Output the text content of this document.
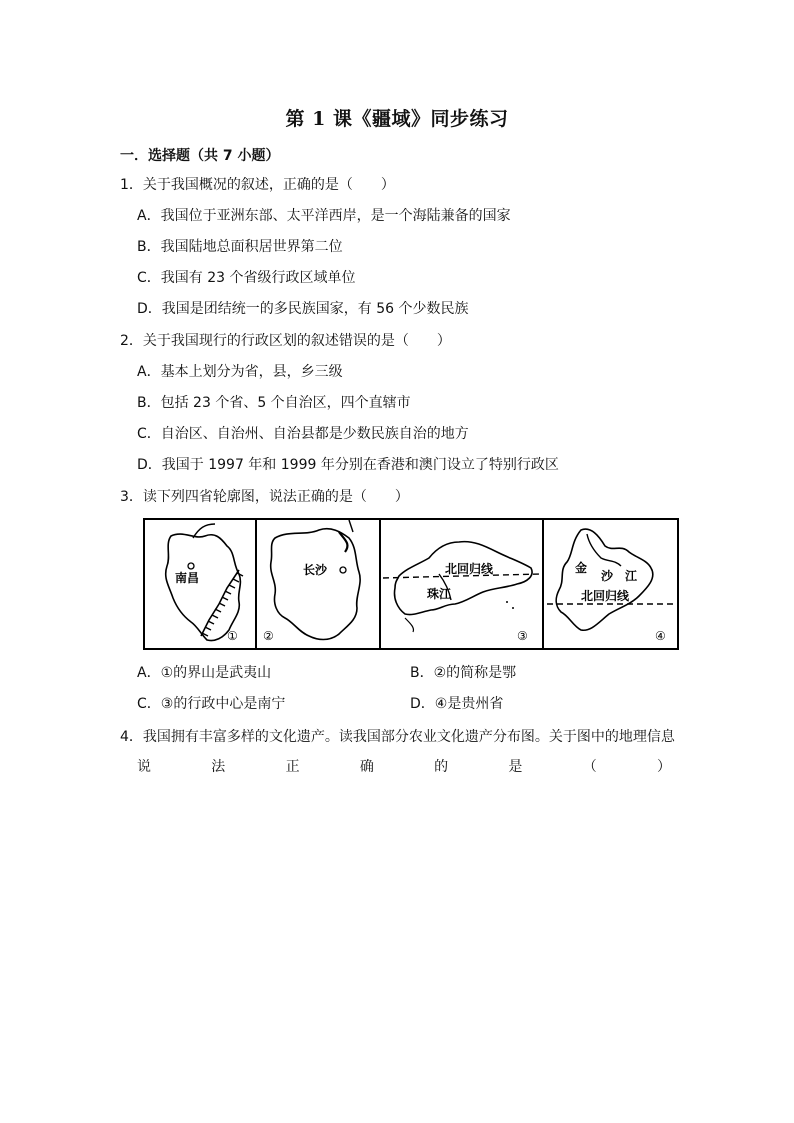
第 1 课《疆域》同步练习
一．选择题（共 7 小题）
1．关于我国概况的叙述，正确的是（　　）
A．我国位于亚洲东部、太平洋西岸，是一个海陆兼备的国家
B．我国陆地总面积居世界第二位
C．我国有 23 个省级行政区域单位
D．我国是团结统一的多民族国家，有 56 个少数民族
2．关于我国现行的行政区划的叙述错误的是（　　）
A．基本上划分为省，县，乡三级
B．包括 23 个省、5 个自治区，四个直辖市
C．自治区、自治州、自治县都是少数民族自治的地方
D．我国于 1997 年和 1999 年分别在香港和澳门设立了特别行政区
3．读下列四省轮廓图，说法正确的是（　　）
南昌
①
长沙
②
北回归线
珠江
③
金
沙 江
北回归线
④
A．①的界山是武夷山	B．②的简称是鄂
C．③的行政中心是南宁	D．④是贵州省
4．我国拥有丰富多样的文化遗产。读我国部分农业文化遗产分布图。关于图中的地理信息
说	法	正	确	的	是	（	）
